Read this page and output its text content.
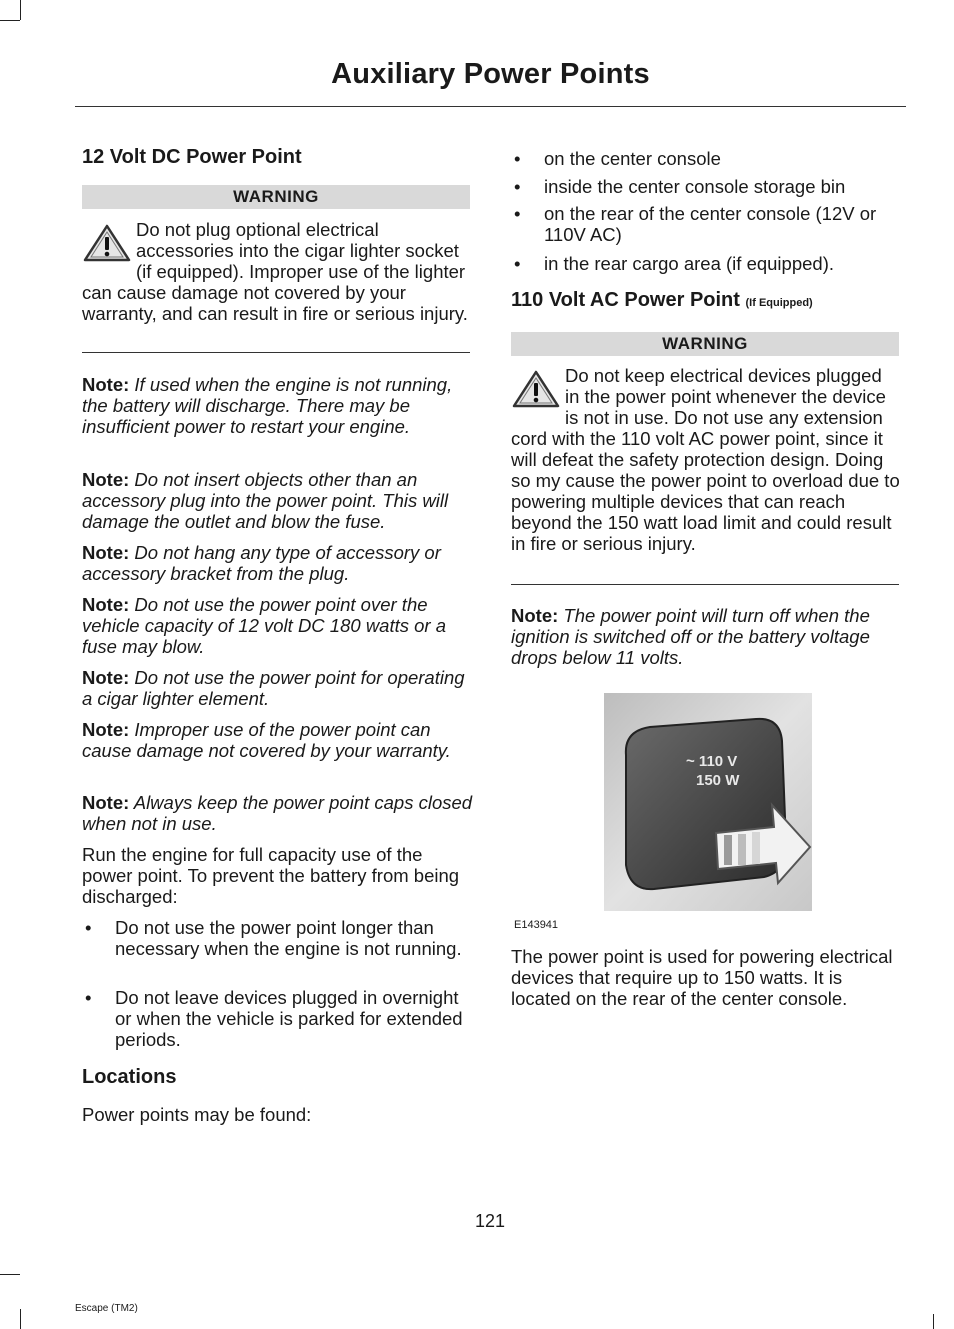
Auxiliary Power Points
12 Volt DC Power Point
WARNING
Do not plug optional electrical accessories into the cigar lighter socket (if equipped). Improper use of the lighter can cause damage not covered by your warranty, and can result in fire or serious injury.
Note: If used when the engine is not running, the battery will discharge. There may be insufficient power to restart your engine.
Note: Do not insert objects other than an accessory plug into the power point. This will damage the outlet and blow the fuse.
Note: Do not hang any type of accessory or accessory bracket from the plug.
Note: Do not use the power point over the vehicle capacity of 12 volt DC 180 watts or a fuse may blow.
Note: Do not use the power point for operating a cigar lighter element.
Note: Improper use of the power point can cause damage not covered by your warranty.
Note: Always keep the power point caps closed when not in use.
Run the engine for full capacity use of the power point. To prevent the battery from being discharged:
• Do not use the power point longer than necessary when the engine is not running.
• Do not leave devices plugged in overnight or when the vehicle is parked for extended periods.
Locations
Power points may be found:
• on the center console
• inside the center console storage bin
• on the rear of the center console (12V or 110V AC)
• in the rear cargo area (if equipped).
110 Volt AC Power Point (If Equipped)
WARNING
Do not keep electrical devices plugged in the power point whenever the device is not in use. Do not use any extension cord with the 110 volt AC power point, since it will defeat the safety protection design. Doing so my cause the power point to overload due to powering multiple devices that can reach beyond the 150 watt load limit and could result in fire or serious injury.
Note: The power point will turn off when the ignition is switched off or the battery voltage drops below 11 volts.
~ 110 V
150 W
E143941
The power point is used for powering electrical devices that require up to 150 watts. It is located on the rear of the center console.
121
Escape (TM2)
